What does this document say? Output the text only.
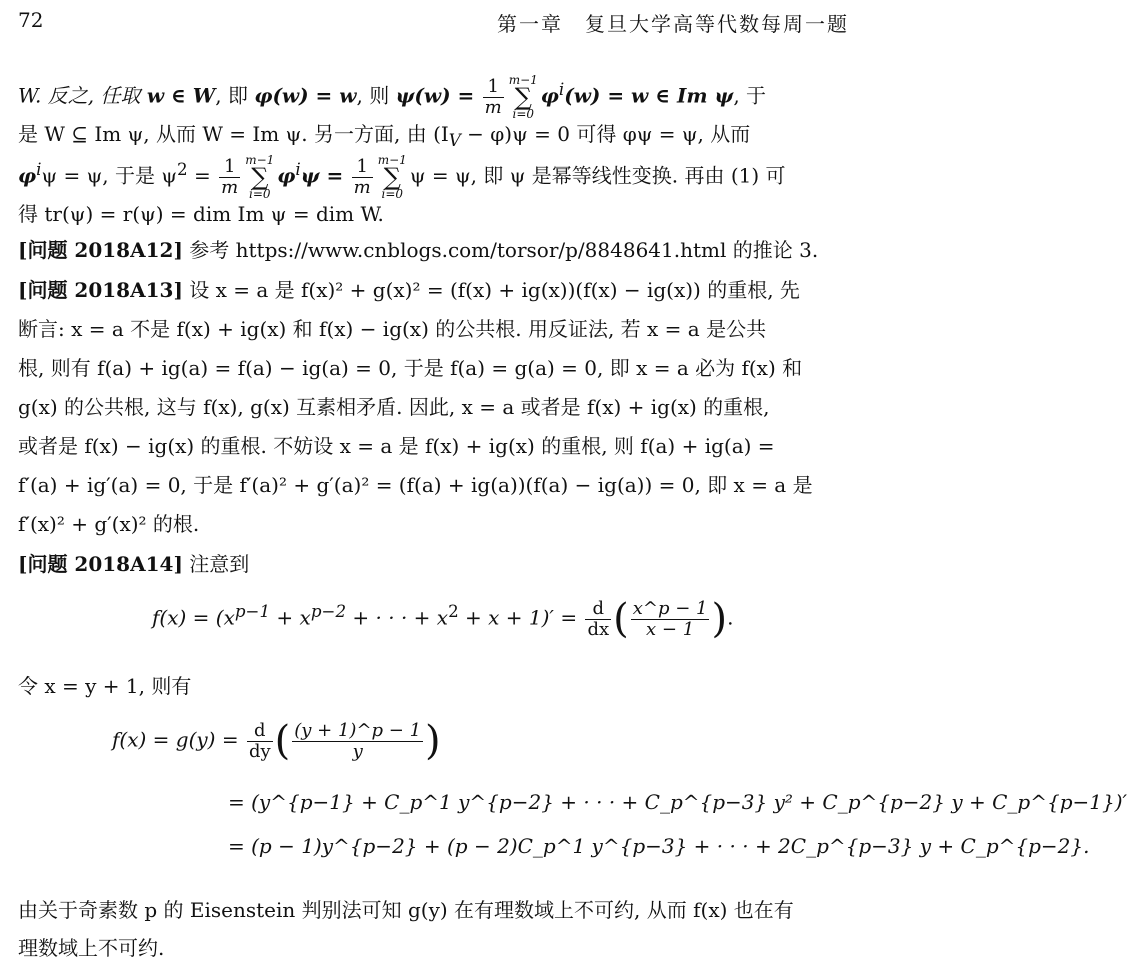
72	第一章　复旦大学高等代数每周一题
W. 反之, 任取 w ∈ W, 即 φ(w) = w, 则 $\psi(w) = \frac{1}{m} m-1$
∑
i=0
$\varphi^i(w) = w$ ∈ Im ψ, 于
是 W ⊆ Im ψ, 从而 W = Im ψ. 另一方面, 由 $(I_V - \varphi)\psi = 0$ 可得 φψ = ψ, 从而
$\varphi^i\psi = \psi$, 于是 $\psi^2 = \frac{1}{m} m-1$
∑
i=0
$\varphi^i\psi = \frac{1}{m} m-1$
∑
i=0
ψ = ψ, 即 ψ 是幂等线性变换. 再由 (1) 可
得 tr(ψ) = r(ψ) = dim Im ψ = dim W.
[问题 2018A12] 参考 https://www.cnblogs.com/torsor/p/8848641.html 的推论 3.
[问题 2018A13] 设 x = a 是 f(x)² + g(x)² = (f(x) + ig(x))(f(x) − ig(x)) 的重根, 先
断言: x = a 不是 f(x) + ig(x) 和 f(x) − ig(x) 的公共根. 用反证法, 若 x = a 是公共
根, 则有 f(a) + ig(a) = f(a) − ig(a) = 0, 于是 f(a) = g(a) = 0, 即 x = a 必为 f(x) 和
g(x) 的公共根, 这与 f(x), g(x) 互素相矛盾. 因此, x = a 或者是 f(x) + ig(x) 的重根,
或者是 f(x) − ig(x) 的重根. 不妨设 x = a 是 f(x) + ig(x) 的重根, 则 f(a) + ig(a) =
f′(a) + ig′(a) = 0, 于是 f′(a)² + g′(a)² = (f(a) + ig(a))(f(a) − ig(a)) = 0, 即 x = a 是
f′(x)² + g′(x)² 的根.
[问题 2018A14] 注意到
$f(x) = (x^{p-1} + x^{p-2}$ + · · · + $x^2 + x + 1)' = \frac{d}{dx}$ ( $\frac{x\^{}p - 1}{x - 1}$ ).
令 x = y + 1, 则有
$f(x) = g(y) = \frac{d}{dy}$ ( $\frac{(y + 1)\^{}p - 1}{y}$ )
= (y^{p−1} + C_p^1 y^{p−2} + · · · + C_p^{p−3} y² + C_p^{p−2} y + C_p^{p−1})′
= (p − 1)y^{p−2} + (p − 2)C_p^1 y^{p−3} + · · · + 2C_p^{p−3} y + C_p^{p−2}.
由关于奇素数 p 的 Eisenstein 判别法可知 g(y) 在有理数域上不可约, 从而 f(x) 也在有
理数域上不可约.
